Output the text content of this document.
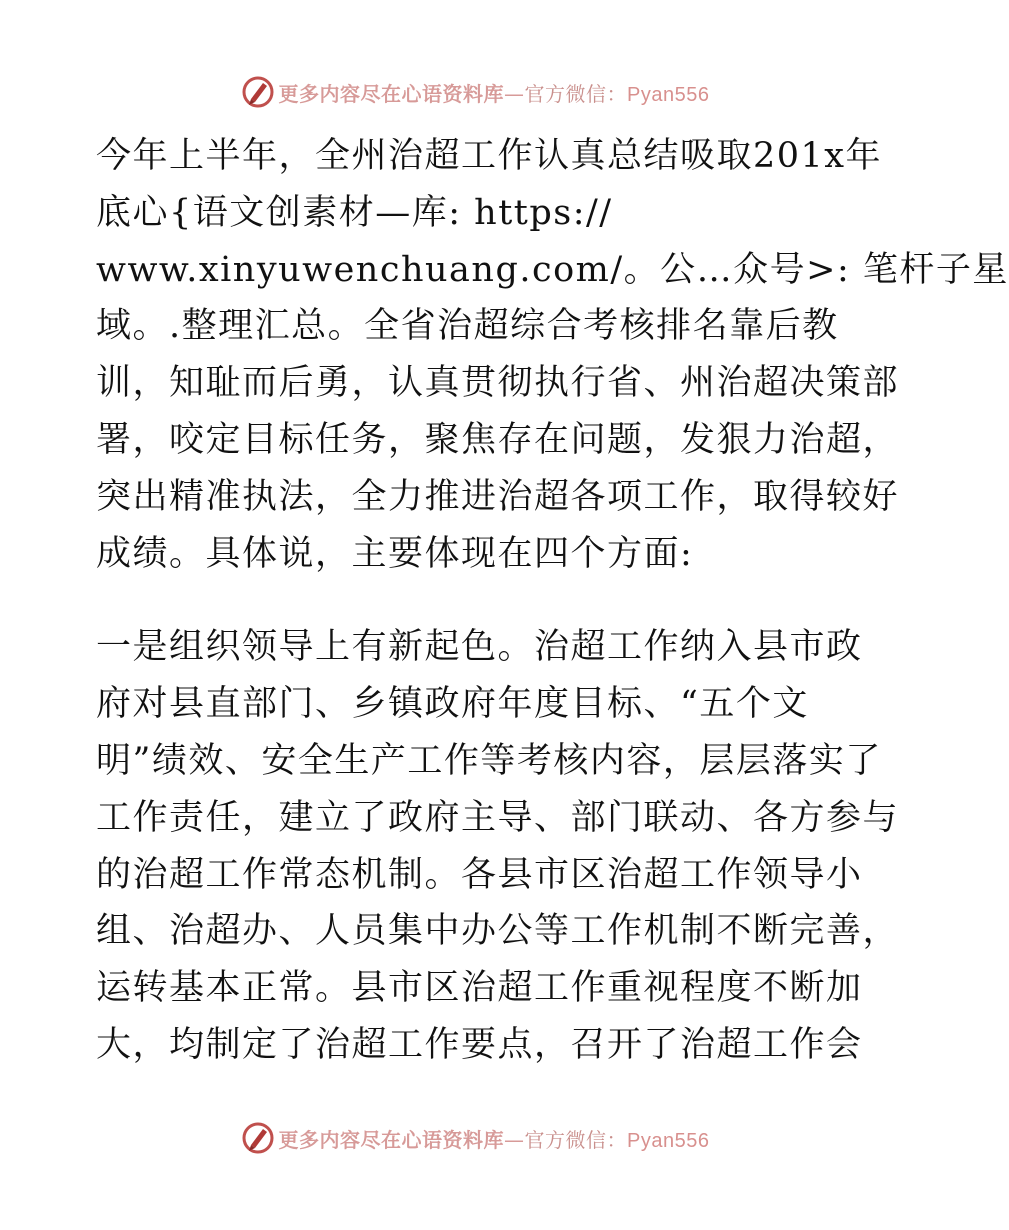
更多内容尽在心语资料库—官方微信：Pyan556
今年上半年，全州治超工作认真总结吸取201x年
底心{语文创素材—库: https://
www.xinyuwenchuang.com/。公…众号>: 笔杆子星
域。.整理汇总。全省治超综合考核排名靠后教
训，知耻而后勇，认真贯彻执行省、州治超决策部
署，咬定目标任务，聚焦存在问题，发狠力治超，
突出精准执法，全力推进治超各项工作，取得较好
成绩。具体说，主要体现在四个方面:
一是组织领导上有新起色。治超工作纳入县市政
府对县直部门、乡镇政府年度目标、“五个文
明”绩效、安全生产工作等考核内容，层层落实了
工作责任，建立了政府主导、部门联动、各方参与
的治超工作常态机制。各县市区治超工作领导小
组、治超办、人员集中办公等工作机制不断完善，
运转基本正常。县市区治超工作重视程度不断加
大，均制定了治超工作要点，召开了治超工作会
更多内容尽在心语资料库—官方微信：Pyan556
